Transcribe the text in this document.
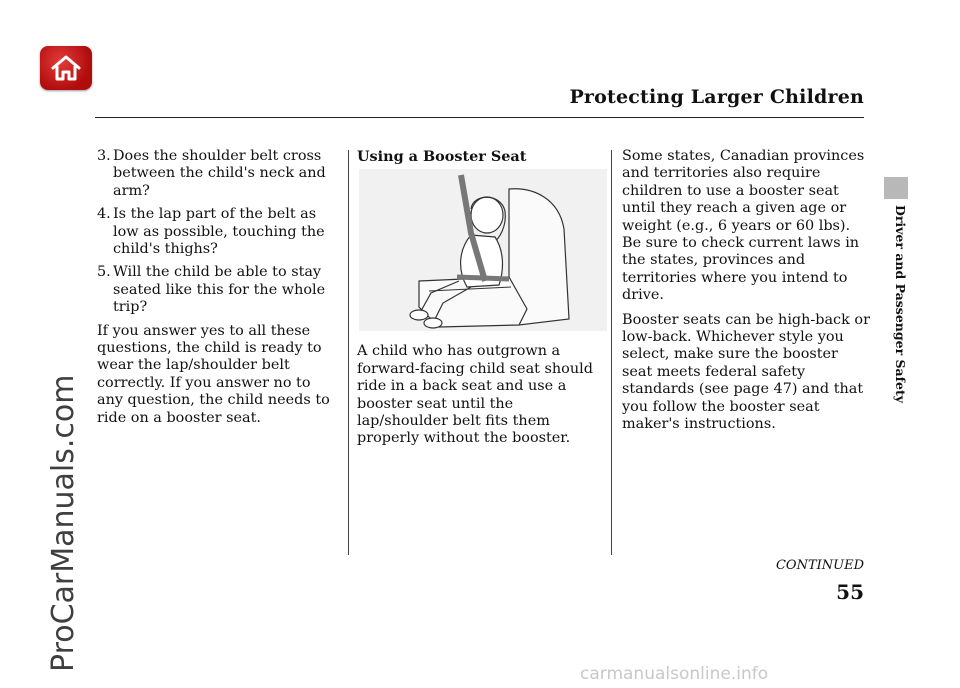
Protecting Larger Children
3. Does the shoulder belt cross between the child's neck and arm?
4. Is the lap part of the belt as low as possible, touching the child's thighs?
5. Will the child be able to stay seated like this for the whole trip?

If you answer yes to all these questions, the child is ready to wear the lap/shoulder belt correctly. If you answer no to any question, the child needs to ride on a booster seat.

Using a Booster Seat

A child who has outgrown a forward-facing child seat should ride in a back seat and use a booster seat until the lap/shoulder belt fits them properly without the booster.

Some states, Canadian provinces and territories also require children to use a booster seat until they reach a given age or weight (e.g., 6 years or 60 lbs). Be sure to check current laws in the states, provinces and territories where you intend to drive.

Booster seats can be high-back or low-back. Whichever style you select, make sure the booster seat meets federal safety standards (see page 47) and that you follow the booster seat maker's instructions.

Driver and Passenger Safety
CONTINUED
55
ProCarManuals.com
carmanualsonline.info
